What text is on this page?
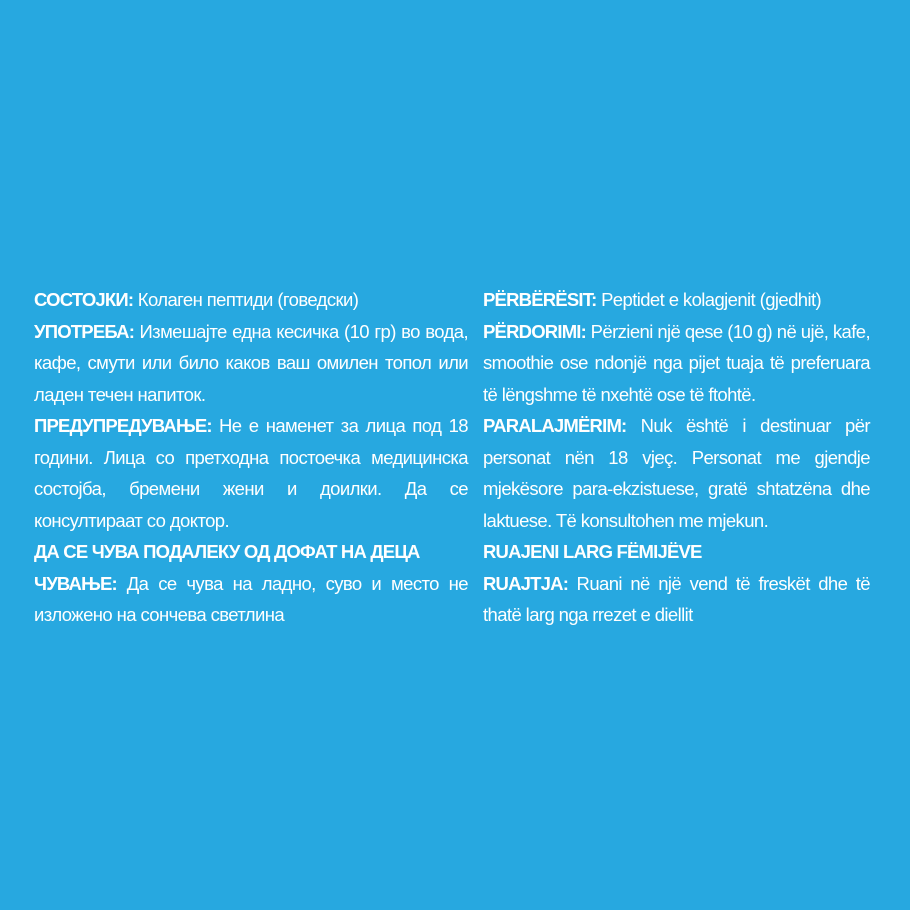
СОСТОЈКИ: Колаген пептиди (говедски)

УПОТРЕБА: Измешајте една кесичка (10 гр) во вода, кафе, смути или било каков ваш омилен топол или ладен течен напиток.

ПРЕДУПРЕДУВАЊЕ: Не е наменет за лица под 18 години. Лица со претходна постоечка медицинска состојба, бремени жени и доилки. Да се консултираат со доктор.

ДА СЕ ЧУВА ПОДАЛЕКУ ОД ДОФАТ НА ДЕЦА

ЧУВАЊЕ: Да се чува на ладно, суво и место не изложено на сончева светлина

PËRBËRËSIT: Peptidet e kolagjenit (gjedhit)

PËRDORIMI: Përzieni një qese (10 g) në ujë, kafe, smoothie ose ndonjë nga pijet tuaja të preferuara të lëngshme të nxehtë ose të ftohtë.

PARALAJMËRIM: Nuk është i destinuar për personat nën 18 vjeç. Personat me gjendje mjekësore para-ekzistuese, gratë shtatzëna dhe laktuese. Të konsultohen me mjekun.

RUAJENI LARG FËMIJËVE

RUAJTJA: Ruani në një vend të freskët dhe të thatë larg nga rrezet e diellit
